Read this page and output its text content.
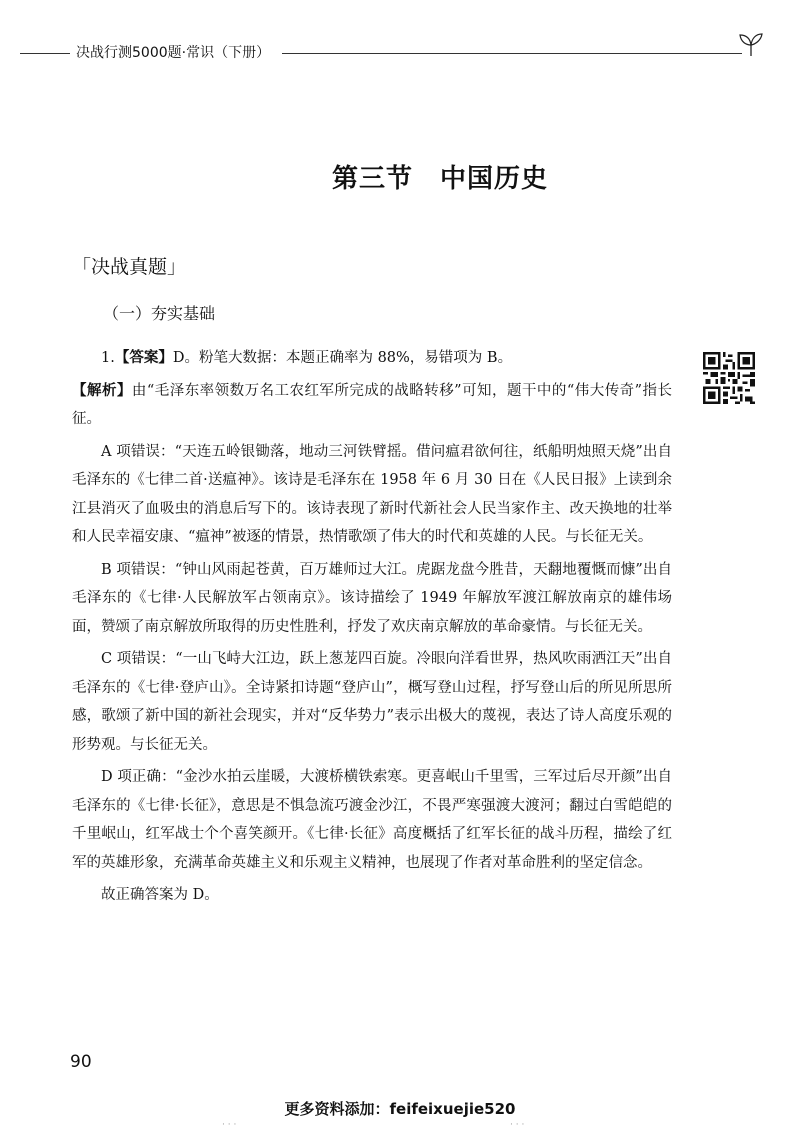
决战行测5000题·常识（下册）
第三节　中国历史
「决战真题」
（一）夯实基础

1.【答案】D。粉笔大数据：本题正确率为 88%，易错项为 B。

【解析】由“毛泽东率领数万名工农红军所完成的战略转移”可知，题干中的“伟大传奇”指长征。

A 项错误：“天连五岭银锄落，地动三河铁臂摇。借问瘟君欲何往，纸船明烛照天烧”出自毛泽东的《七律二首·送瘟神》。该诗是毛泽东在 1958 年 6 月 30 日在《人民日报》上读到余江县消灭了血吸虫的消息后写下的。该诗表现了新时代新社会人民当家作主、改天换地的壮举和人民幸福安康、“瘟神”被逐的情景，热情歌颂了伟大的时代和英雄的人民。与长征无关。

B 项错误：“钟山风雨起苍黄，百万雄师过大江。虎踞龙盘今胜昔，天翻地覆慨而慷”出自毛泽东的《七律·人民解放军占领南京》。该诗描绘了 1949 年解放军渡江解放南京的雄伟场面，赞颂了南京解放所取得的历史性胜利，抒发了欢庆南京解放的革命豪情。与长征无关。

C 项错误：“一山飞峙大江边，跃上葱茏四百旋。冷眼向洋看世界，热风吹雨洒江天”出自毛泽东的《七律·登庐山》。全诗紧扣诗题“登庐山”，概写登山过程，抒写登山后的所见所思所感，歌颂了新中国的新社会现实，并对“反华势力”表示出极大的蔑视，表达了诗人高度乐观的形势观。与长征无关。

D 项正确：“金沙水拍云崖暖，大渡桥横铁索寒。更喜岷山千里雪，三军过后尽开颜”出自毛泽东的《七律·长征》，意思是不惧急流巧渡金沙江，不畏严寒强渡大渡河；翻过白雪皑皑的千里岷山，红军战士个个喜笑颜开。《七律·长征》高度概括了红军长征的战斗历程，描绘了红军的英雄形象，充满革命英雄主义和乐观主义精神，也展现了作者对革命胜利的坚定信念。

故正确答案为 D。

90
更多资料添加：feifeixuejie520
· · ·	· · ·
